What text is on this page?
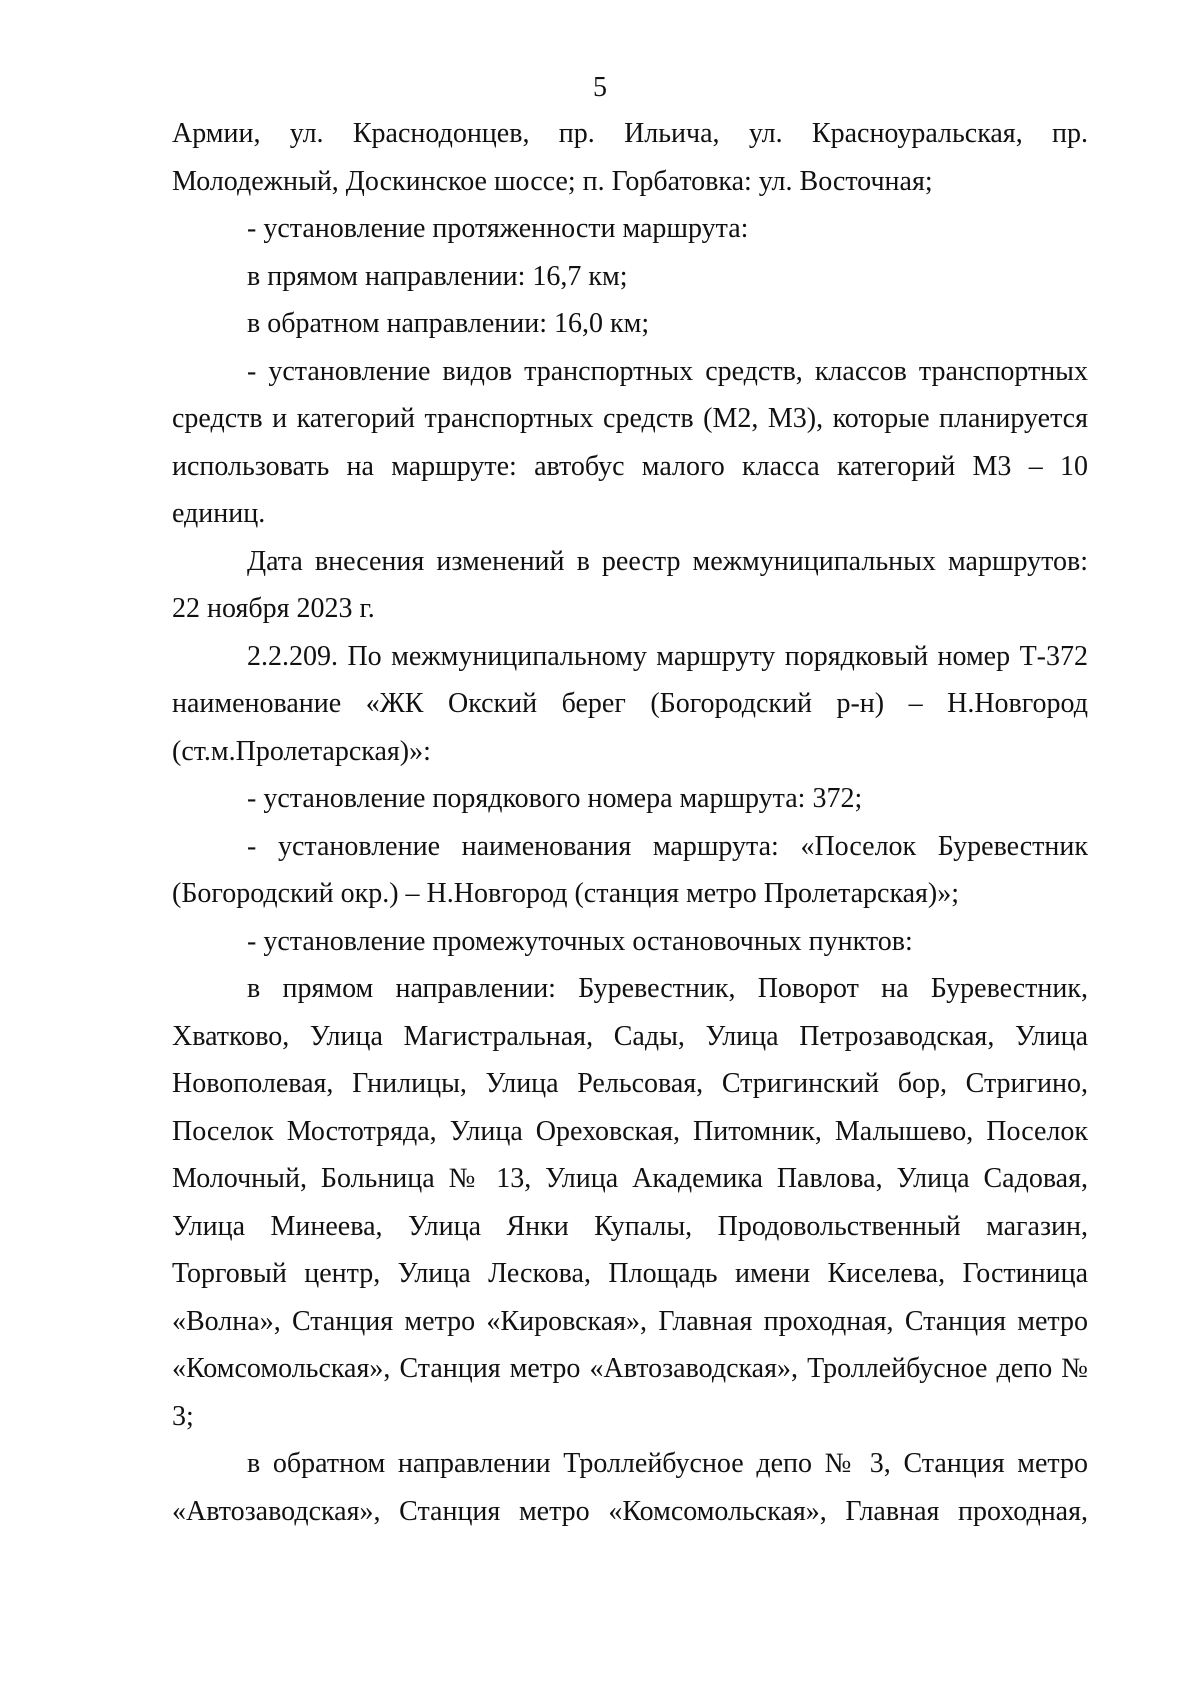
5

Армии, ул. Краснодонцев, пр. Ильича, ул. Красноуральская, пр. Молодежный, Доскинское шоссе; п. Горбатовка: ул. Восточная;

- установление протяженности маршрута:

в прямом направлении: 16,7 км;

в обратном направлении: 16,0 км;

- установление видов транспортных средств, классов транспортных средств и категорий транспортных средств (М2, М3), которые планируется использовать на маршруте: автобус малого класса категорий М3 – 10 единиц.

Дата внесения изменений в реестр межмуниципальных маршрутов: 22 ноября 2023 г.

2.2.209. По межмуниципальному маршруту порядковый номер Т-372 наименование «ЖК Окский берег (Богородский р-н) – Н.Новгород (ст.м.Пролетарская)»:

- установление порядкового номера маршрута: 372;

- установление наименования маршрута: «Поселок Буревестник (Богородский окр.) – Н.Новгород (станция метро Пролетарская)»;

- установление промежуточных остановочных пунктов:

в прямом направлении: Буревестник, Поворот на Буревестник, Хватково, Улица Магистральная, Сады, Улица Петрозаводская, Улица Новополевая, Гнилицы, Улица Рельсовая, Стригинский бор, Стригино, Поселок Мостотряда, Улица Ореховская, Питомник, Малышево, Поселок Молочный, Больница № 13, Улица Академика Павлова, Улица Садовая, Улица Минеева, Улица Янки Купалы, Продовольственный магазин, Торговый центр, Улица Лескова, Площадь имени Киселева, Гостиница «Волна», Станция метро «Кировская», Главная проходная, Станция метро «Комсомольская», Станция метро «Автозаводская», Троллейбусное депо № 3;

в обратном направлении Троллейбусное депо № 3, Станция метро «Автозаводская», Станция метро «Комсомольская», Главная проходная,
